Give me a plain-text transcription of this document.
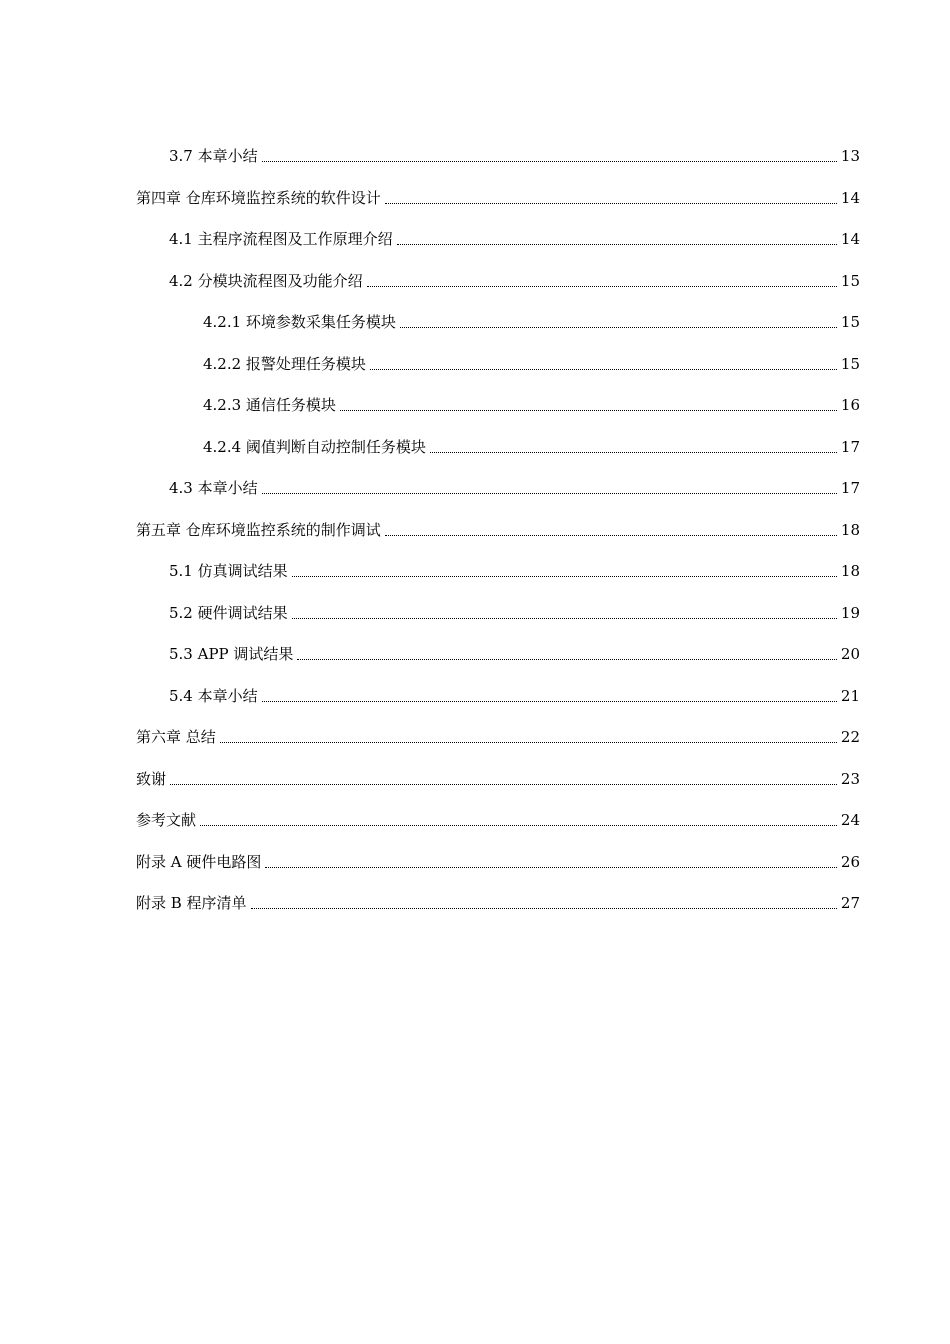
3.7 本章小结	13
第四章 仓库环境监控系统的软件设计	14
4.1 主程序流程图及工作原理介绍	14
4.2 分模块流程图及功能介绍	15
4.2.1 环境参数采集任务模块	15
4.2.2 报警处理任务模块	15
4.2.3 通信任务模块	16
4.2.4 阈值判断自动控制任务模块	17
4.3 本章小结	17
第五章 仓库环境监控系统的制作调试	18
5.1 仿真调试结果	18
5.2 硬件调试结果	19
5.3 APP 调试结果	20
5.4 本章小结	21
第六章 总结	22
致谢	23
参考文献	24
附录 A 硬件电路图	26
附录 B 程序清单	27
